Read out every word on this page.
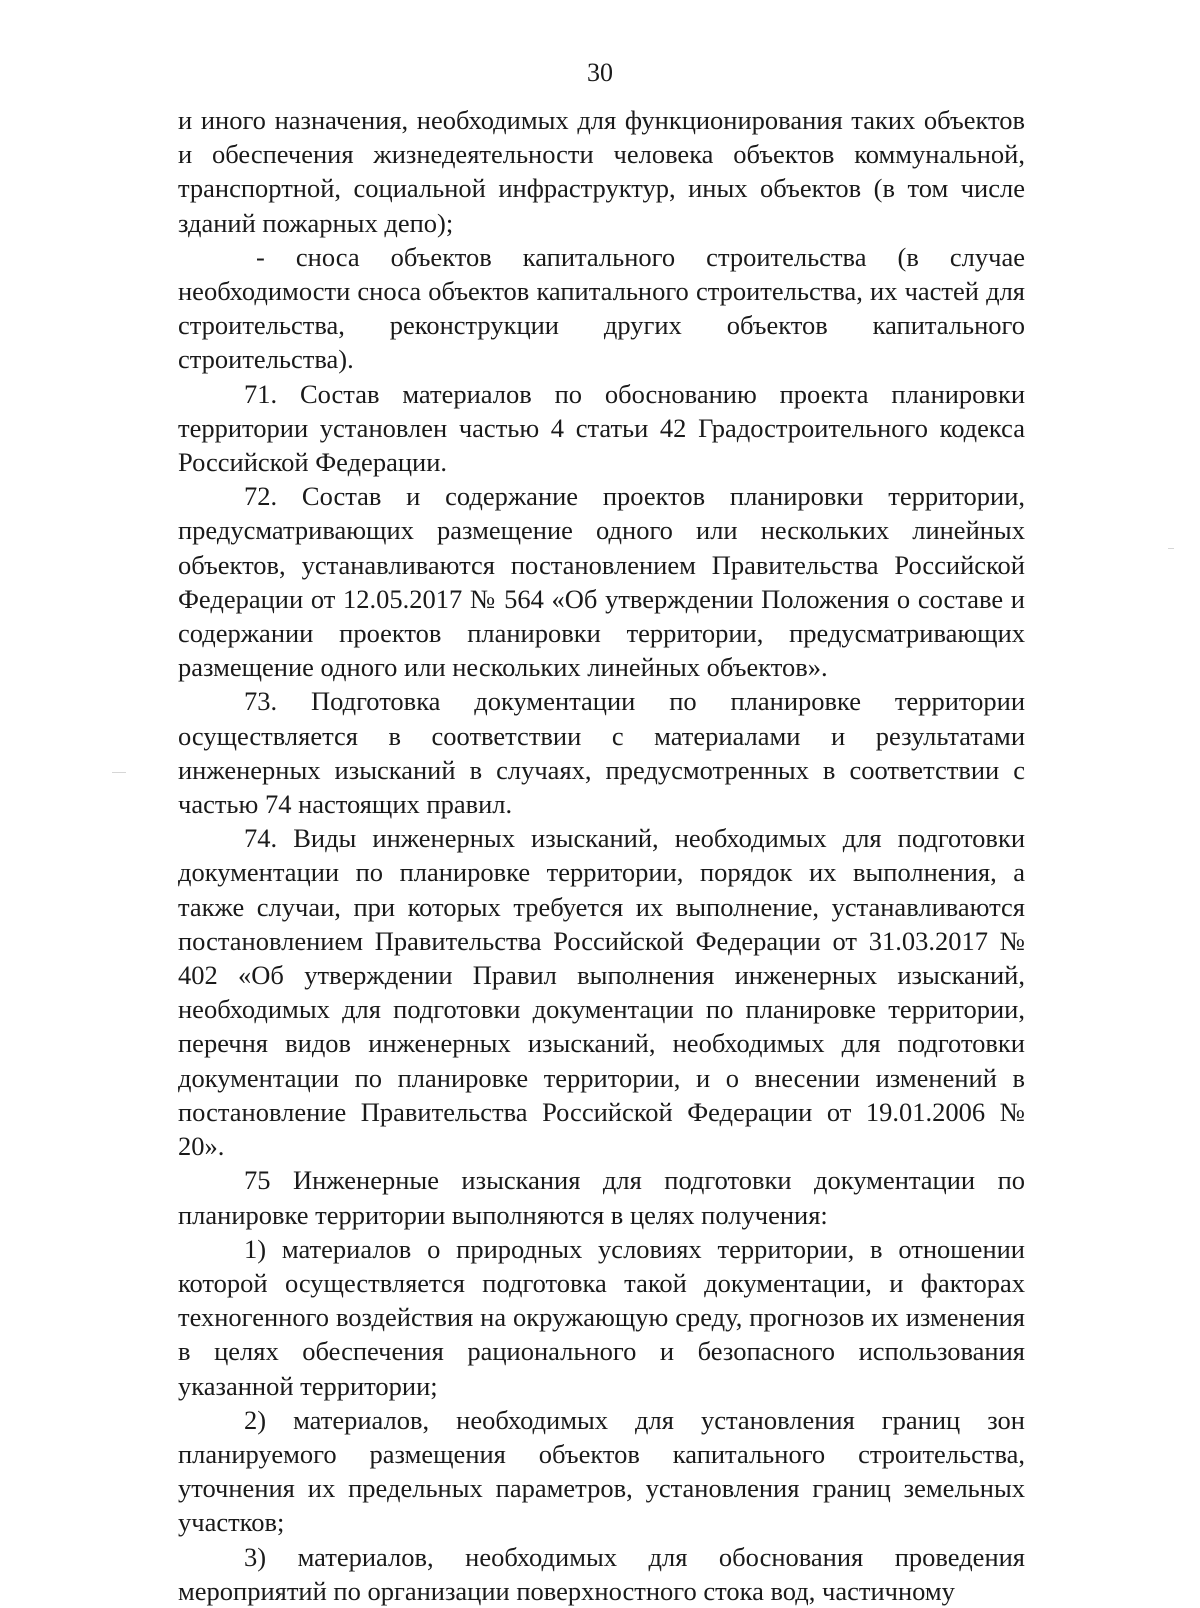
30

и иного назначения, необходимых для функционирования таких объектов и обеспечения жизнедеятельности человека объектов коммунальной, транспортной, социальной инфраструктур, иных объектов (в том числе зданий пожарных депо);

- сноса объектов капитального строительства (в случае необходимости сноса объектов капитального строительства, их частей для строительства, реконструкции других объектов капитального строительства).

71. Состав материалов по обоснованию проекта планировки территории установлен частью 4 статьи 42 Градостроительного кодекса Российской Федерации.

72. Состав и содержание проектов планировки территории, предусматривающих размещение одного или нескольких линейных объектов, устанавливаются постановлением Правительства Российской Федерации от 12.05.2017 № 564 «Об утверждении Положения о составе и содержании проектов планировки территории, предусматривающих размещение одного или нескольких линейных объектов».

73. Подготовка документации по планировке территории осуществляется в соответствии с материалами и результатами инженерных изысканий в случаях, предусмотренных в соответствии с частью 74 настоящих правил.

74. Виды инженерных изысканий, необходимых для подготовки документации по планировке территории, порядок их выполнения, а также случаи, при которых требуется их выполнение, устанавливаются постановлением Правительства Российской Федерации от 31.03.2017 № 402 «Об утверждении Правил выполнения инженерных изысканий, необходимых для подготовки документации по планировке территории, перечня видов инженерных изысканий, необходимых для подготовки документации по планировке территории, и о внесении изменений в постановление Правительства Российской Федерации от 19.01.2006 № 20».

75 Инженерные изыскания для подготовки документации по планировке территории выполняются в целях получения:

1) материалов о природных условиях территории, в отношении которой осуществляется подготовка такой документации, и факторах техногенного воздействия на окружающую среду, прогнозов их изменения в целях обеспечения рационального и безопасного использования указанной территории;

2) материалов, необходимых для установления границ зон планируемого размещения объектов капитального строительства, уточнения их предельных параметров, установления границ земельных участков;

3) материалов, необходимых для обоснования проведения мероприятий по организации поверхностного стока вод, частичному
